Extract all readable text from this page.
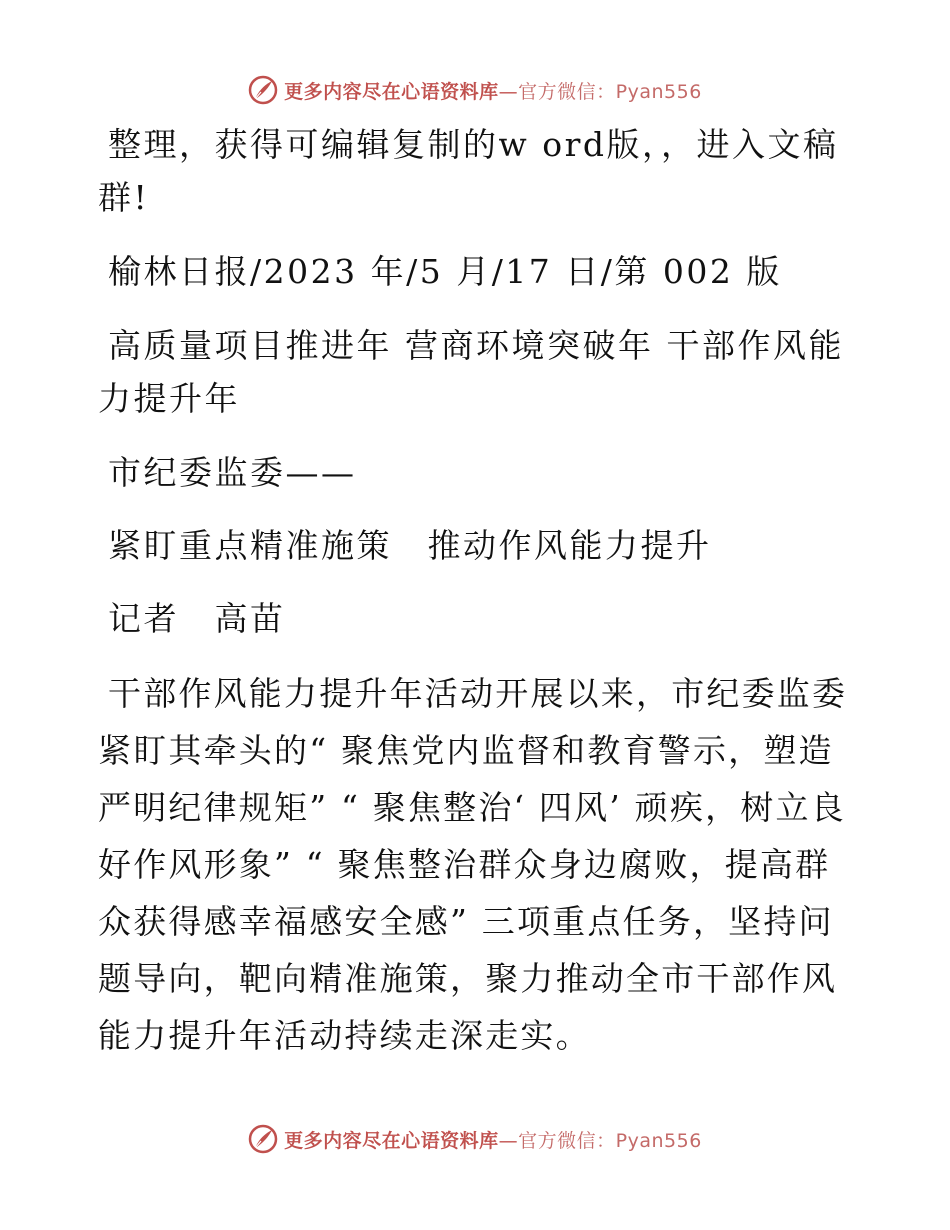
更多内容尽在心语资料库—官方微信：Pyan556

整理，获得可编辑复制的w ord版，，进入文稿群!

榆林日报/2023 年/5 月/17 日/第 002 版

高质量项目推进年 营商环境突破年 干部作风能力提升年

市纪委监委——

紧盯重点精准施策　推动作风能力提升

记者　高苗

干部作风能力提升年活动开展以来，市纪委监委紧盯其牵头的“ 聚焦党内监督和教育警示，塑造严明纪律规矩” “ 聚焦整治‘ 四风’ 顽疾，树立良好作风形象” “ 聚焦整治群众身边腐败，提高群众获得感幸福感安全感” 三项重点任务，坚持问题导向，靶向精准施策，聚力推动全市干部作风能力提升年活动持续走深走实。

更多内容尽在心语资料库—官方微信：Pyan556
